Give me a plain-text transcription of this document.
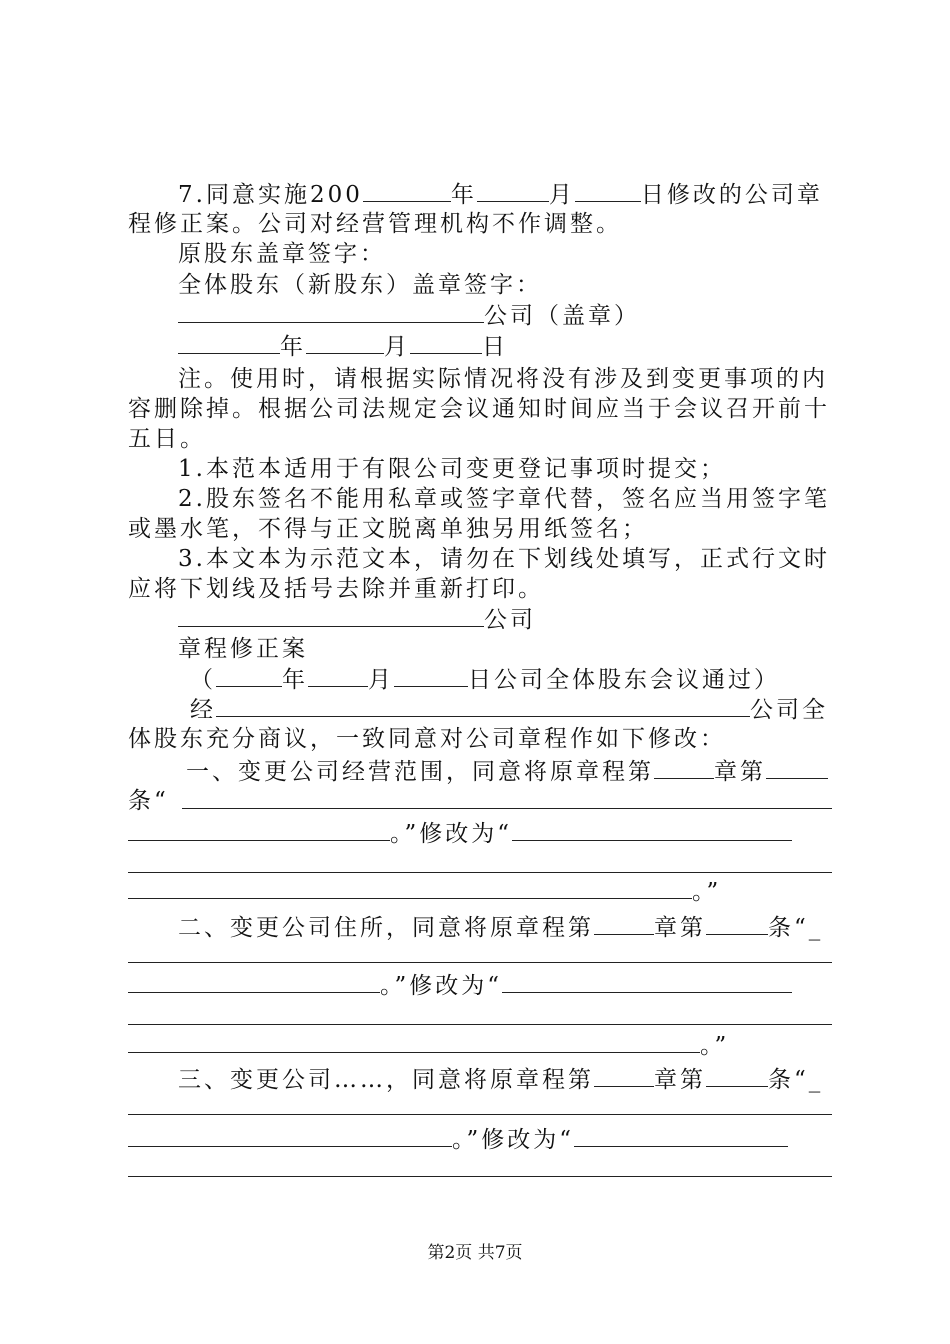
7.同意实施200	年	月	日修改的公司章
程修正案。公司对经营管理机构不作调整。
原股东盖章签字：
全体股东（新股东）盖章签字：
公司（盖章）
年	月	日
注。使用时，请根据实际情况将没有涉及到变更事项的内
容删除掉。根据公司法规定会议通知时间应当于会议召开前十
五日。
1.本范本适用于有限公司变更登记事项时提交；
2.股东签名不能用私章或签字章代替，签名应当用签字笔
或墨水笔，不得与正文脱离单独另用纸签名；
3.本文本为示范文本，请勿在下划线处填写，正式行文时
应将下划线及括号去除并重新打印。
公司
章程修正案
（	年	月	日公司全体股东会议通过）
经	公司全
体股东充分商议，一致同意对公司章程作如下修改：
一、变更公司经营范围，同意将原章程第	章第
条“
。”修改为“
。”
二、变更公司住所，同意将原章程第	章第	条“_
。”修改为“
。”
三、变更公司……，同意将原章程第	章第	条“_
。”修改为“
第2页 共7页
